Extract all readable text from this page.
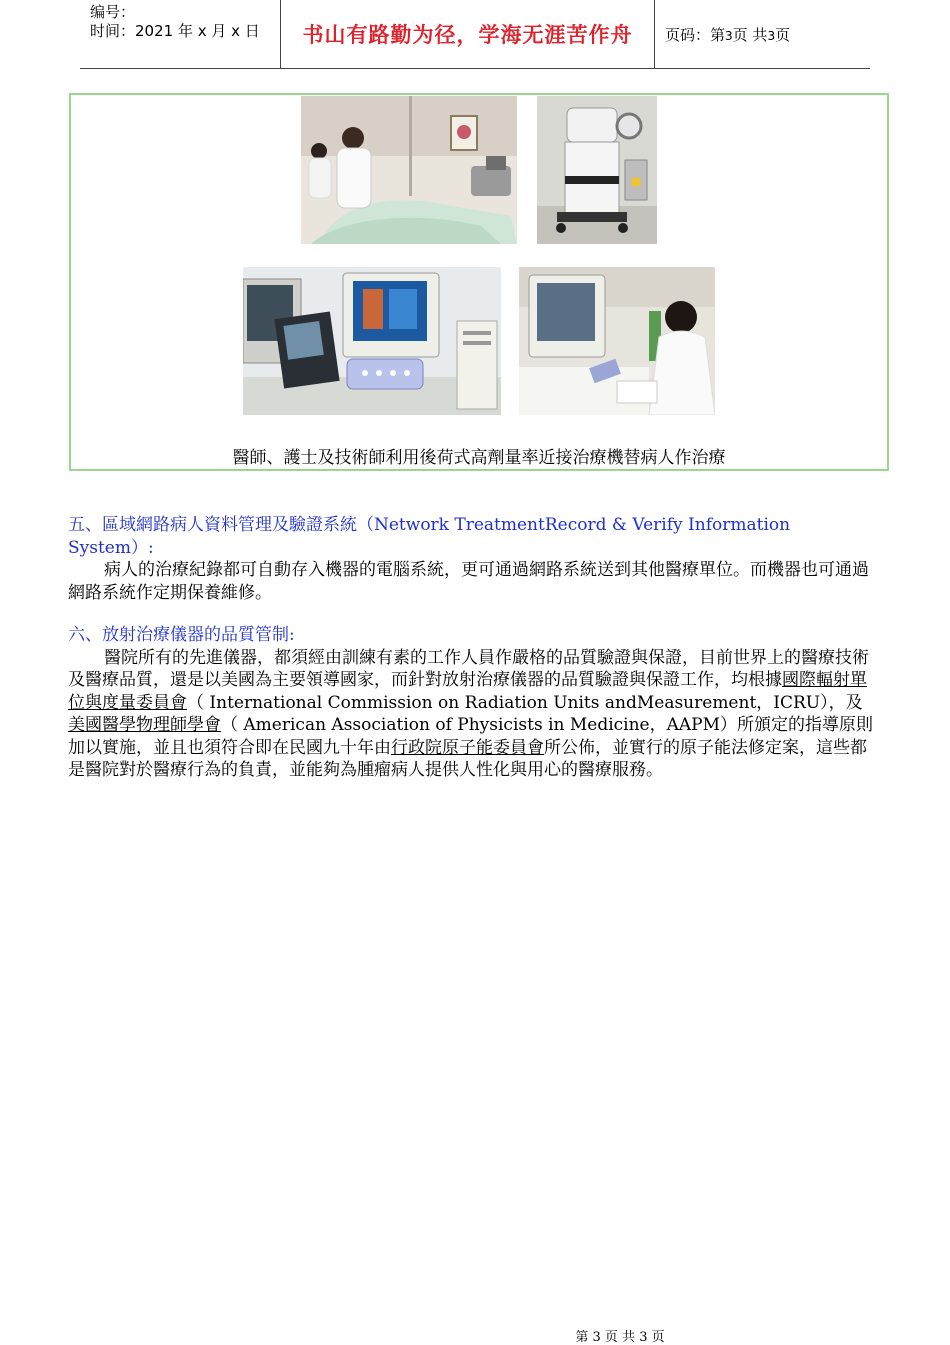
编号：
时间：2021 年 x 月 x 日 书山有路勤为径，学海无涯苦作舟 页码：第3页 共3页
醫師、護士及技術師利用後荷式高劑量率近接治療機替病人作治療
五、區域網路病人資料管理及驗證系統（Network TreatmentRecord & Verify Information System）:
病人的治療紀錄都可自動存入機器的電腦系統，更可通過網路系統送到其他醫療單位。而機器也可通過網路系統作定期保養維修。
六、放射治療儀器的品質管制:
醫院所有的先進儀器，都須經由訓練有素的工作人員作嚴格的品質驗證與保證，目前世界上的醫療技術及醫療品質，還是以美國為主要領導國家，而針對放射治療儀器的品質驗證與保證工作，均根據國際輻射單位與度量委員會（ International Commission on Radiation Units andMeasurement，ICRU），及美國醫學物理師學會（ American Association of Physicists in Medicine，AAPM）所頒定的指導原則加以實施，並且也須符合即在民國九十年由行政院原子能委員會所公佈，並實行的原子能法修定案，這些都是醫院對於醫療行為的負責，並能夠為腫瘤病人提供人性化與用心的醫療服務。
第 3 页 共 3 页
